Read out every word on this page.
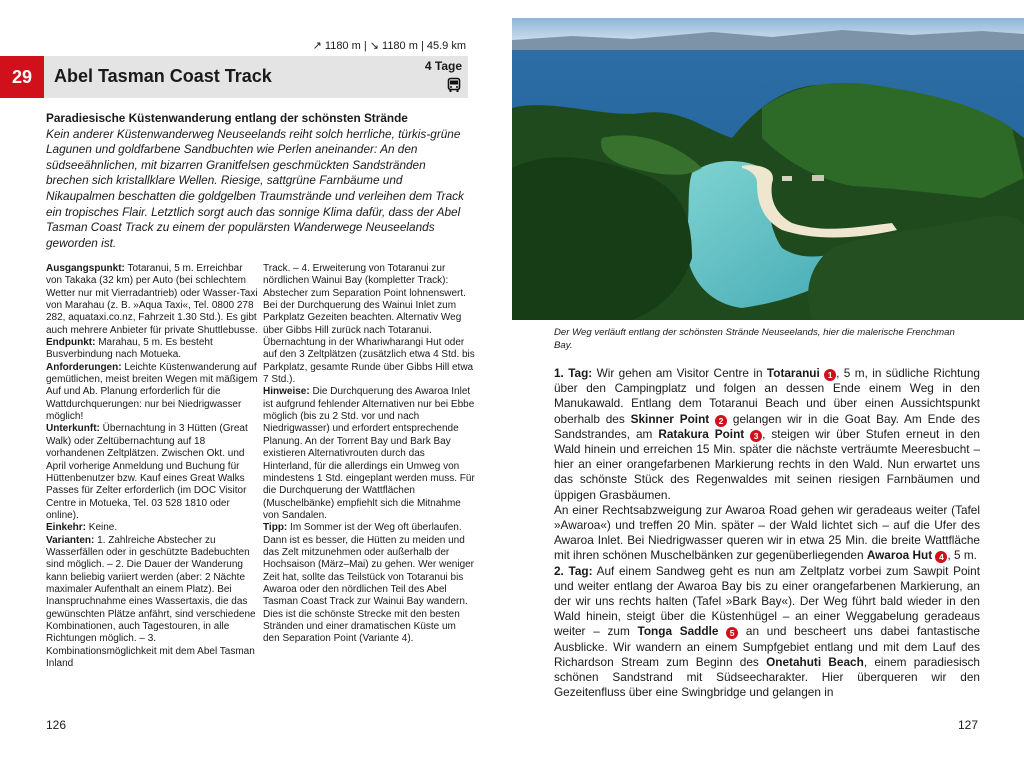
↗ 1180 m | ↘ 1180 m | 45.9 km
29	Abel Tasman Coast Track	4 Tage
Paradiesische Küstenwanderung entlang der schönsten Strände
Kein anderer Küstenwanderweg Neuseelands reiht solch herrliche, türkis-grüne Lagunen und goldfarbene Sandbuchten wie Perlen aneinander: An den südseeähnlichen, mit bizarren Granitfelsen geschmückten Sandstränden brechen sich kristallklare Wellen. Riesige, sattgrüne Farnbäume und Nikaupalmen beschatten die goldgelben Traumstrände und verleihen dem Track ein tropisches Flair. Letztlich sorgt auch das sonnige Klima dafür, dass der Abel Tasman Coast Track zu einem der populärsten Wanderwege Neuseelands geworden ist.
Ausgangspunkt: Totaranui, 5 m. Erreichbar von Takaka (32 km) per Auto (bei schlechtem Wetter nur mit Vierradantrieb) oder Wasser-Taxi von Marahau (z. B. »Aqua Taxi«, Tel. 0800 278 282, aquataxi.co.nz, Fahrzeit 1.30 Std.). Es gibt auch mehrere Anbieter für private Shuttlebusse.
Endpunkt: Marahau, 5 m. Es besteht Busverbindung nach Motueka.
Anforderungen: Leichte Küstenwanderung auf gemütlichen, meist breiten Wegen mit mäßigem Auf und Ab. Planung erforderlich für die Wattdurchquerungen: nur bei Niedrigwasser möglich!
Unterkunft: Übernachtung in 3 Hütten (Great Walk) oder Zeltübernachtung auf 18 vorhandenen Zeltplätzen. Zwischen Okt. und April vorherige Anmeldung und Buchung für Hüttenbenutzer bzw. Kauf eines Great Walks Passes für Zelter erforderlich (im DOC Visitor Centre in Motueka, Tel. 03 528 1810 oder online).
Einkehr: Keine.
Varianten: 1. Zahlreiche Abstecher zu Wasserfällen oder in geschützte Badebuchten sind möglich. – 2. Die Dauer der Wanderung kann beliebig variiert werden (aber: 2 Nächte maximaler Aufenthalt an einem Platz). Bei Inanspruchnahme eines Wassertaxis, die das gewünschten Plätze anfährt, sind verschiedene Kombinationen, auch Tagestouren, in alle Richtungen möglich. – 3. Kombinationsmöglichkeit mit dem Abel Tasman Inland
Track. – 4. Erweiterung von Totaranui zur nördlichen Wainui Bay (kompletter Track): Abstecher zum Separation Point lohnenswert. Bei der Durchquerung des Wainui Inlet zum Parkplatz Gezeiten beachten. Alternativ Weg über Gibbs Hill zurück nach Totaranui. Übernachtung in der Whariwharangi Hut oder auf den 3 Zeltplätzen (zusätzlich etwa 4 Std. bis Parkplatz, gesamte Runde über Gibbs Hill etwa 7 Std.).
Hinweise: Die Durchquerung des Awaroa Inlet ist aufgrund fehlender Alternativen nur bei Ebbe möglich (bis zu 2 Std. vor und nach Niedrigwasser) und erfordert entsprechende Planung. An der Torrent Bay und Bark Bay existieren Alternativrouten durch das Hinterland, für die allerdings ein Umweg von mindestens 1 Std. eingeplant werden muss. Für die Durchquerung der Wattflächen (Muschelbänke) empfiehlt sich die Mitnahme von Sandalen.
Tipp: Im Sommer ist der Weg oft überlaufen. Dann ist es besser, die Hütten zu meiden und das Zelt mitzunehmen oder außerhalb der Hochsaison (März–Mai) zu gehen. Wer weniger Zeit hat, sollte das Teilstück von Totaranui bis Awaroa oder den nördlichen Teil des Abel Tasman Coast Track zur Wainui Bay wandern. Dies ist die schönste Strecke mit den besten Stränden und einer dramatischen Küste um den Separation Point (Variante 4).
126
Der Weg verläuft entlang der schönsten Strände Neuseelands, hier die malerische Frenchman Bay.

1. Tag: Wir gehen am Visitor Centre in Totaranui 1 , 5 m, in südliche Richtung über den Campingplatz und folgen an dessen Ende einem Weg in den Manukawald. Entlang dem Totaranui Beach und über einen Aussichtspunkt oberhalb des Skinner Point 2 gelangen wir in die Goat Bay. Am Ende des Sandstrandes, am Ratakura Point 3 , steigen wir über Stufen erneut in den Wald hinein und erreichen 15 Min. später die nächste verträumte Meeresbucht – hier an einer orangefarbenen Markierung rechts in den Wald. Nun erwartet uns das schönste Stück des Regenwaldes mit seinen riesigen Farnbäumen und üppigen Grasbäumen.

An einer Rechtsabzweigung zur Awaroa Road gehen wir geradeaus weiter (Tafel »Awaroa«) und treffen 20 Min. später – der Wald lichtet sich – auf die Ufer des Awaroa Inlet. Bei Niedrigwasser queren wir in etwa 25 Min. die breite Wattfläche mit ihren schönen Muschelbänken zur gegenüberliegenden Awaroa Hut 4 , 5 m.

2. Tag: Auf einem Sandweg geht es nun am Zeltplatz vorbei zum Sawpit Point und weiter entlang der Awaroa Bay bis zu einer orangefarbenen Markierung, an der wir uns rechts halten (Tafel »Bark Bay«). Der Weg führt bald wieder in den Wald hinein, steigt über die Küstenhügel – an einer Weggabelung geradeaus weiter – zum Tonga Saddle 5 an und bescheert uns dabei fantastische Ausblicke. Wir wandern an einem Sumpfgebiet entlang und mit dem Lauf des Richardson Stream zum Beginn des Onetahuti Beach, einem paradiesisch schönen Sandstrand mit Südseecharakter. Hier überqueren wir den Gezeitenfluss über eine Swingbridge und gelangen in

127
